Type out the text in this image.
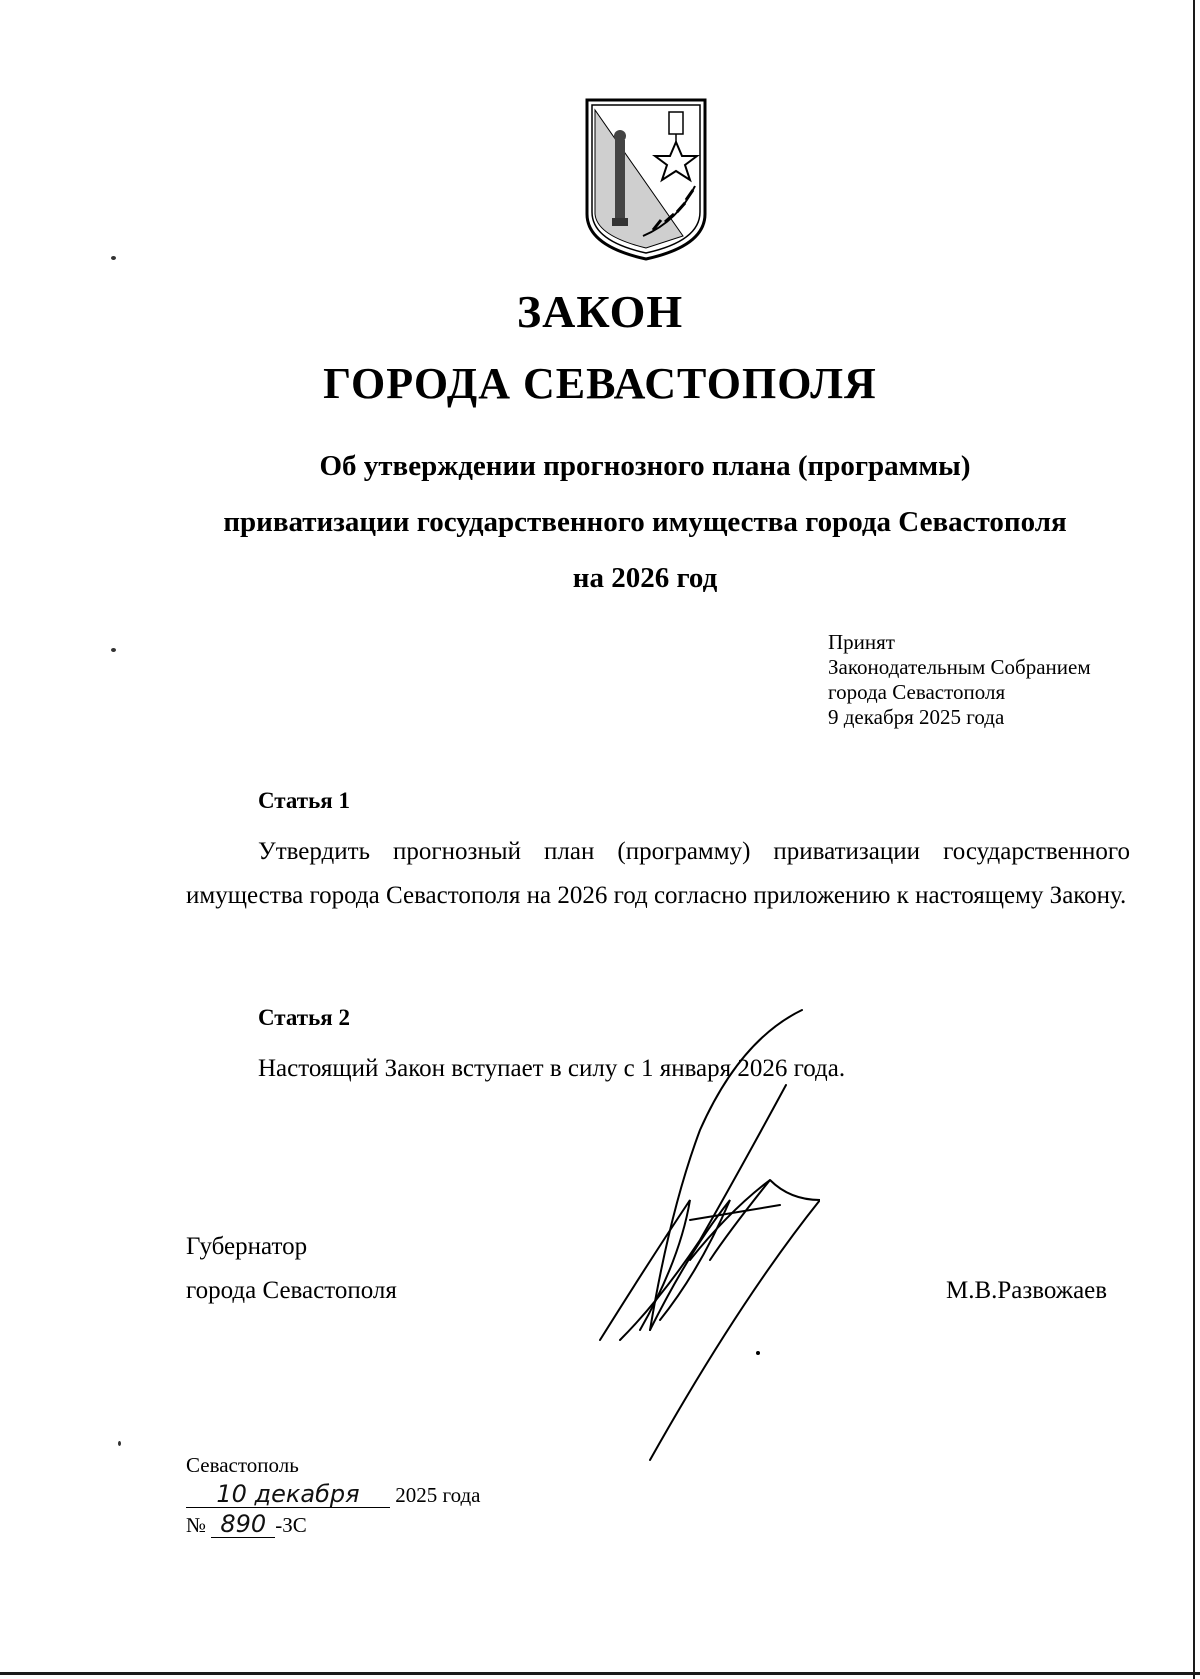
ЗАКОН
ГОРОДА СЕВАСТОПОЛЯ
Об утверждении прогнозного плана (программы)
приватизации государственного имущества города Севастополя
на 2026 год
Принят
Законодательным Собранием
города Севастополя
9 декабря 2025 года
Статья 1
Утвердить прогнозный план (программу) приватизации государственного имущества города Севастополя на 2026 год согласно приложению к настоящему Закону.
Статья 2
Настоящий Закон вступает в силу с 1 января 2026 года.
Губернатор
города Севастополя	М.В.Развожаев
Севастополь
10 декабря 2025 года
№ 890 -ЗС
